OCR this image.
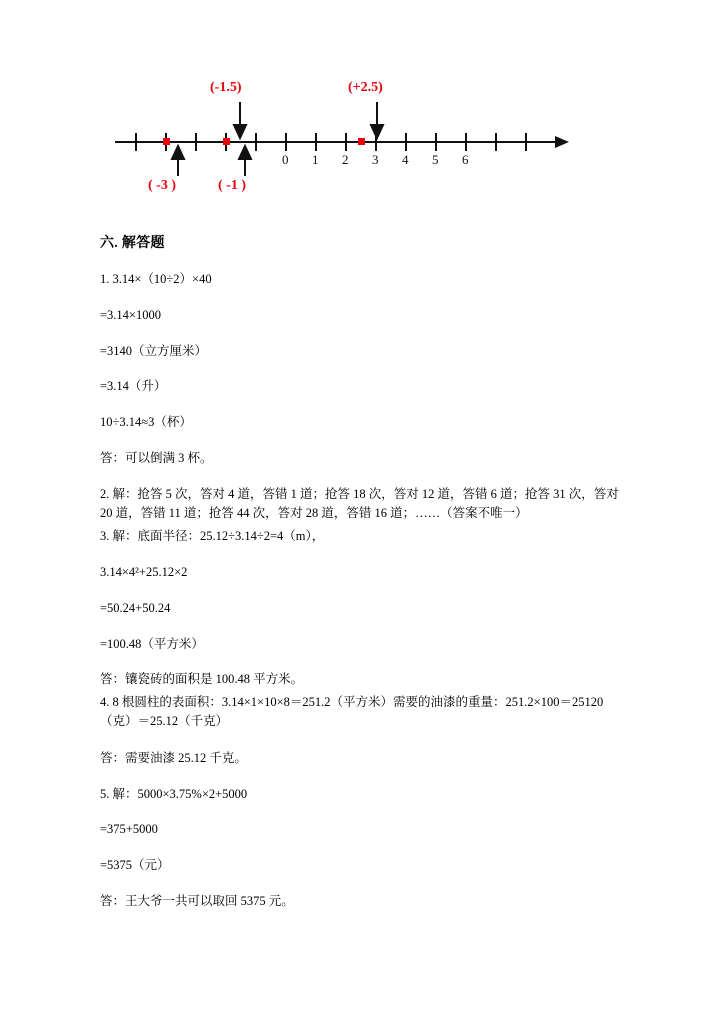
(-1.5)	(+2.5)
( -3 )	( -1 )
0 1 2 3 4 5 6
六. 解答题

1. 3.14×（10÷2）×40

=3.14×1000

=3140（立方厘米）

=3.14（升）

10÷3.14≈3（杯）

答：可以倒满 3 杯。

2. 解：抢答 5 次，答对 4 道，答错 1 道；抢答 18 次，答对 12 道，答错 6 道；抢答 31 次，答对 20 道，答错 11 道；抢答 44 次，答对 28 道，答错 16 道；……（答案不唯一）

3. 解：底面半径：25.12÷3.14÷2=4（m），

3.14×4²+25.12×2

=50.24+50.24

=100.48（平方米）

答：镶瓷砖的面积是 100.48 平方米。

4. 8 根圆柱的表面积：3.14×1×10×8＝251.2（平方米）需要的油漆的重量：251.2×100＝25120（克）＝25.12（千克）

答：需要油漆 25.12 千克。

5. 解：5000×3.75%×2+5000

=375+5000

=5375（元）

答：王大爷一共可以取回 5375 元。
